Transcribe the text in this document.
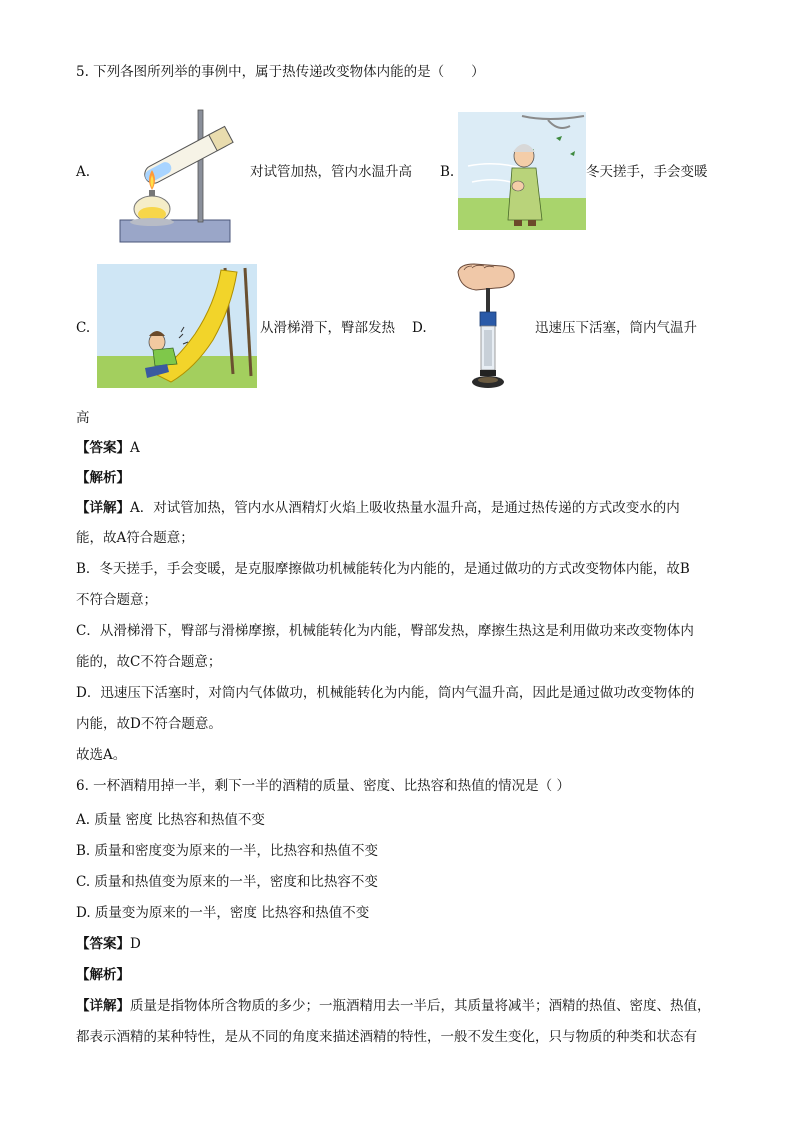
5. 下列各图所列举的事例中，属于热传递改变物体内能的是（　　）
A.	对试管加热，管内水温升高 B.	冬天搓手，手会变暖
C.	从滑梯滑下，臀部发热 D.	迅速压下活塞，筒内气温升
高
【答案】A
【解析】
【详解】A．对试管加热，管内水从酒精灯火焰上吸收热量水温升高，是通过热传递的方式改变水的内
能，故A符合题意；
B．冬天搓手，手会变暖，是克服摩擦做功机械能转化为内能的，是通过做功的方式改变物体内能，故B
不符合题意；
C．从滑梯滑下，臀部与滑梯摩擦，机械能转化为内能，臀部发热，摩擦生热这是利用做功来改变物体内
能的，故C不符合题意；
D．迅速压下活塞时，对筒内气体做功，机械能转化为内能，筒内气温升高，因此是通过做功改变物体的
内能，故D不符合题意。
故选A。
6. 一杯酒精用掉一半，剩下一半的酒精的质量、密度、比热容和热值的情况是（ ）
A. 质量 密度 比热容和热值不变
B. 质量和密度变为原来的一半，比热容和热值不变
C. 质量和热值变为原来的一半，密度和比热容不变
D. 质量变为原来的一半，密度 比热容和热值不变
【答案】D
【解析】
【详解】质量是指物体所含物质的多少；一瓶酒精用去一半后，其质量将减半；酒精的热值、密度、热值，
都表示酒精的某种特性，是从不同的角度来描述酒精的特性，一般不发生变化，只与物质的种类和状态有
